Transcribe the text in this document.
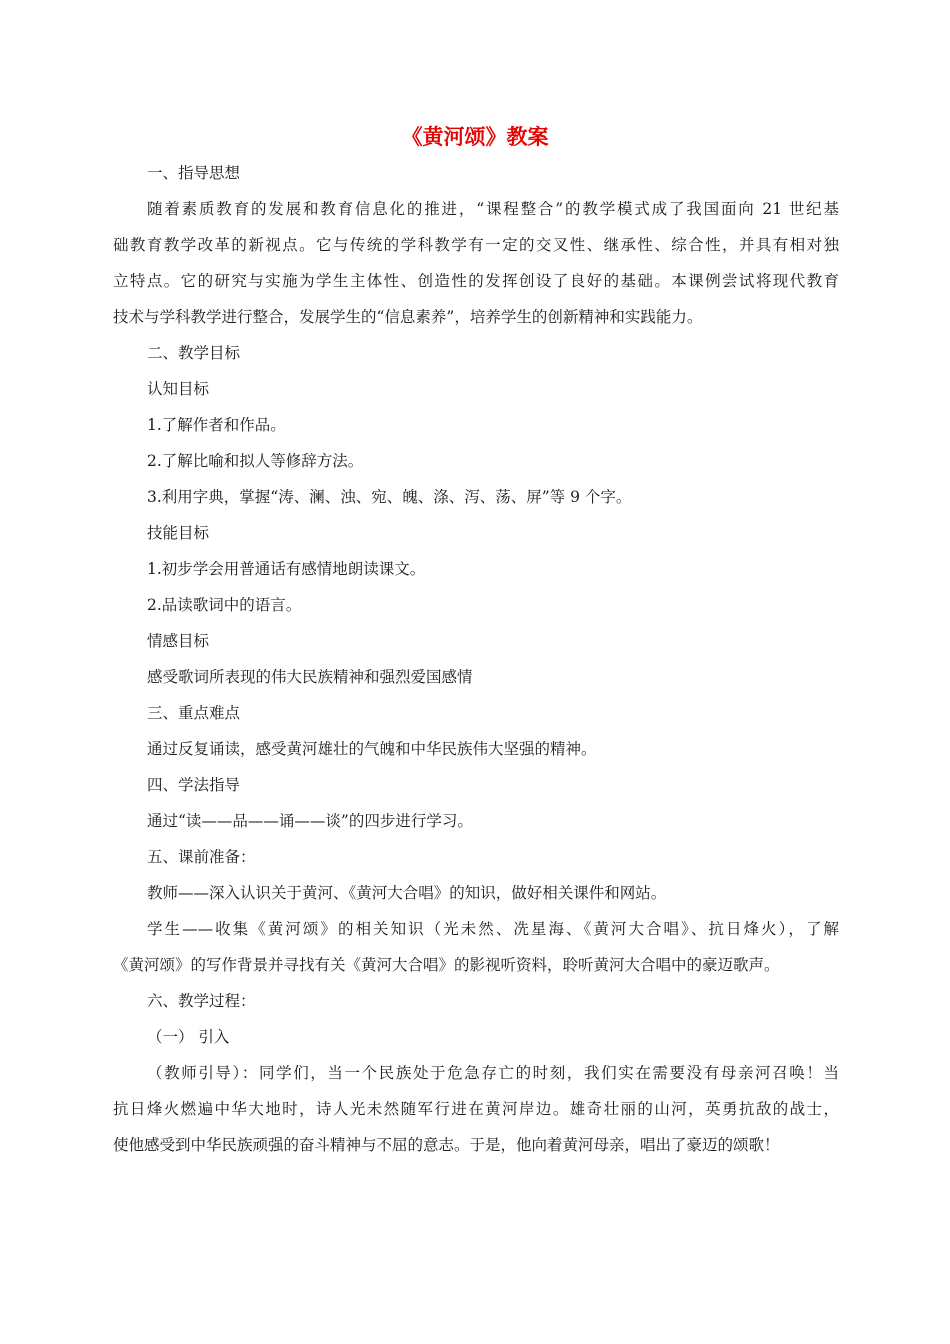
《黄河颂》教案
一、指导思想
随着素质教育的发展和教育信息化的推进，“课程整合”的教学模式成了我国面向 21 世纪基
础教育教学改革的新视点。它与传统的学科教学有一定的交叉性、继承性、综合性，并具有相对独
立特点。它的研究与实施为学生主体性、创造性的发挥创设了良好的基础。本课例尝试将现代教育
技术与学科教学进行整合，发展学生的“信息素养”，培养学生的创新精神和实践能力。
二、教学目标
认知目标
1.了解作者和作品。
2.了解比喻和拟人等修辞方法。
3.利用字典，掌握“涛、澜、浊、宛、魄、涤、泻、荡、屏”等 9 个字。
技能目标
1.初步学会用普通话有感情地朗读课文。
2.品读歌词中的语言。
情感目标
感受歌词所表现的伟大民族精神和强烈爱国感情
三、重点难点
通过反复诵读，感受黄河雄壮的气魄和中华民族伟大坚强的精神。
四、学法指导
通过“读——品——诵——谈”的四步进行学习。
五、课前准备：
教师——深入认识关于黄河、《黄河大合唱》的知识，做好相关课件和网站。
学生——收集《黄河颂》的相关知识（光未然、冼星海、《黄河大合唱》、抗日烽火），了解
《黄河颂》的写作背景并寻找有关《黄河大合唱》的影视听资料，聆听黄河大合唱中的豪迈歌声。
六、教学过程：
（一） 引入
（教师引导）：同学们，当一个民族处于危急存亡的时刻，我们实在需要没有母亲河召唤！当
抗日烽火燃遍中华大地时，诗人光未然随军行进在黄河岸边。雄奇壮丽的山河，英勇抗敌的战士，
使他感受到中华民族顽强的奋斗精神与不屈的意志。于是，他向着黄河母亲，唱出了豪迈的颂歌！
